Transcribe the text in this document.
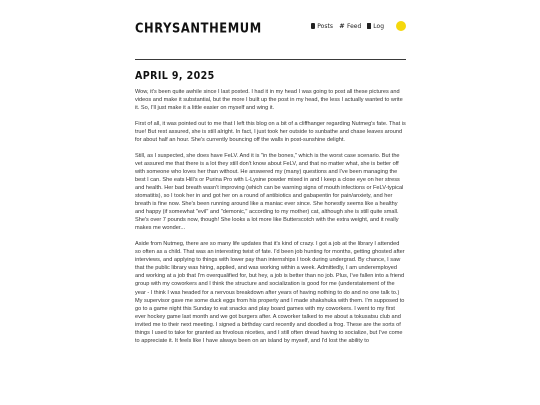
CHRYSANTHEMUM	Posts # Feed Log
APRIL 9, 2025

Wow, it's been quite awhile since I last posted. I had it in my head I was going to post all these pictures and videos and make it substantial, but the more I built up the post in my head, the less I actually wanted to write it. So, I'll just make it a little easier on myself and wing it.

First of all, it was pointed out to me that I left this blog on a bit of a cliffhanger regarding Nutmeg's fate. That is true! But rest assured, she is still alright. In fact, I just took her outside to sunbathe and chase leaves around for about half an hour. She's currently bouncing off the walls in post-sunshine delight.

Still, as I suspected, she does have FeLV. And it is "in the bones," which is the worst case scenario. But the vet assured me that there is a lot they still don't know about FeLV, and that no matter what, she is better off with someone who loves her than without. He answered my (many) questions and I've been managing the best I can. She eats Hill's or Purina Pro with L-Lysine powder mixed in and I keep a close eye on her stress and health. Her bad breath wasn't improving (which can be warning signs of mouth infections or FeLV-typical stomatitis), so I took her in and got her on a round of antibiotics and gabapentin for pain/anxiety, and her breath is fine now. She's been running around like a maniac ever since. She honestly seems like a healthy and happy (if somewhat "evil" and "demonic," according to my mother) cat, although she is still quite small. She's over 7 pounds now, though! She looks a lot more like Butterscotch with the extra weight, and it really makes me wonder...

Aside from Nutmeg, there are so many life updates that it's kind of crazy. I got a job at the library I attended so often as a child. That was an interesting twist of fate. I'd been job hunting for months, getting ghosted after interviews, and applying to things with lower pay than internships I took during undergrad. By chance, I saw that the public library was hiring, applied, and was working within a week. Admittedly, I am underemployed and working at a job that I'm overqualified for, but hey, a job is better than no job. Plus, I've fallen into a friend group with my coworkers and I think the structure and socialization is good for me (understatement of the year - I think I was headed for a nervous breakdown after years of having nothing to do and no one talk to.) My supervisor gave me some duck eggs from his property and I made shakshuka with them. I'm supposed to go to a game night this Sunday to eat snacks and play board games with my coworkers. I went to my first ever hockey game last month and we got burgers after. A coworker talked to me about a tokusatsu club and invited me to their next meeting. I signed a birthday card recently and doodled a frog. These are the sorts of things I used to take for granted as frivolous niceties, and I still often dread having to socialize, but I've come to appreciate it. It feels like I have always been on an island by myself, and I'd lost the ability to
